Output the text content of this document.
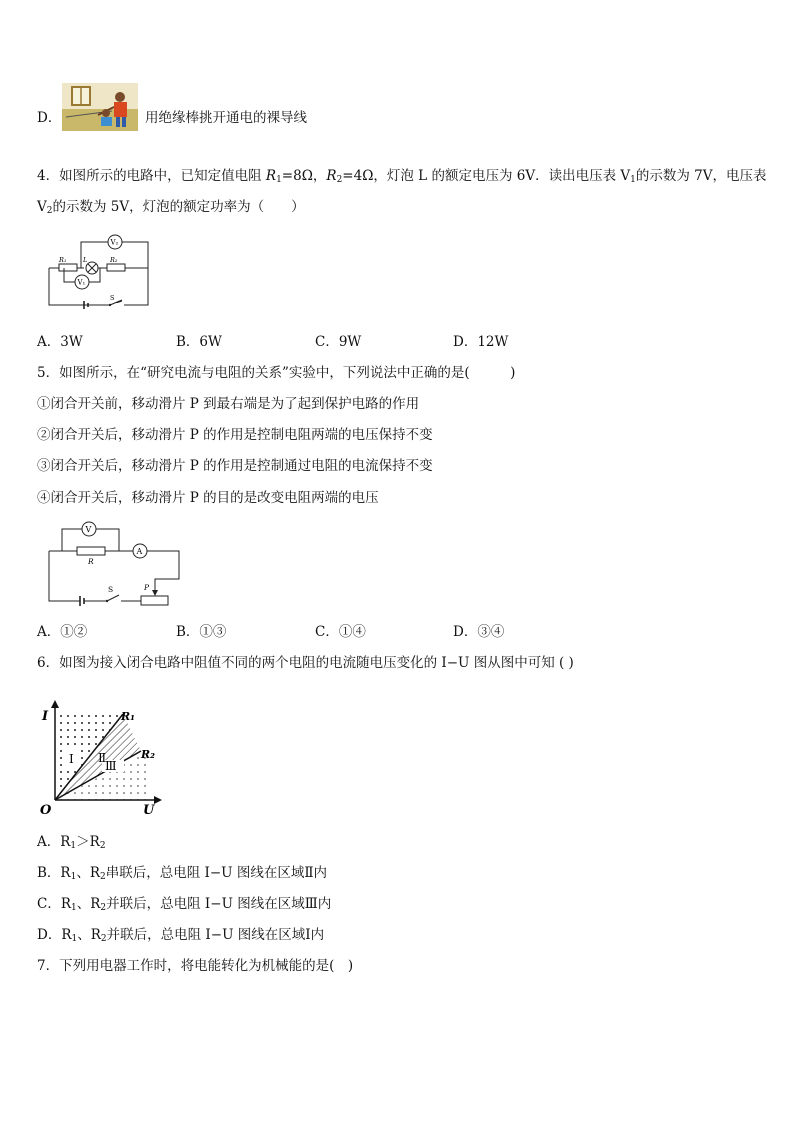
D．	用绝缘棒挑开通电的裸导线
4．如图所示的电路中，已知定值电阻 $R_1=8\Omega$，$R_2=4\Omega$，灯泡 L 的额定电压为 6V．读出电压表 $V_1$的示数为 7V，电压表
$V_2$的示数为 5V，灯泡的额定功率为（　　）
V₂
V₁
R₁	L	R₂
S
A．3W	B．6W	C．9W	D．12W
5．如图所示，在“研究电流与电阻的关系”实验中，下列说法中正确的是(　　　)
①闭合开关前，移动滑片 P 到最右端是为了起到保护电路的作用
②闭合开关后，移动滑片 P 的作用是控制电阻两端的电压保持不变
③闭合开关后，移动滑片 P 的作用是控制通过电阻的电流保持不变
④闭合开关后，移动滑片 P 的目的是改变电阻两端的电压
V
A
R
S	P
A．①②	B．①③	C．①④	D．③④
6．如图为接入闭合电路中阻值不同的两个电阻的电流随电压变化的 I−U 图从图中可知 ( )
I
U
O
R₁
R₂
Ⅰ Ⅱ
Ⅲ
A．$R_1>R_2$
B．$R_1$、$R_2$串联后，总电阻 I−U 图线在区域Ⅱ内
C．$R_1$、$R_2$并联后，总电阻 I−U 图线在区域Ⅲ内
D．$R_1$、$R_2$并联后，总电阻 I−U 图线在区域Ⅰ内
7．下列用电器工作时，将电能转化为机械能的是(　)
